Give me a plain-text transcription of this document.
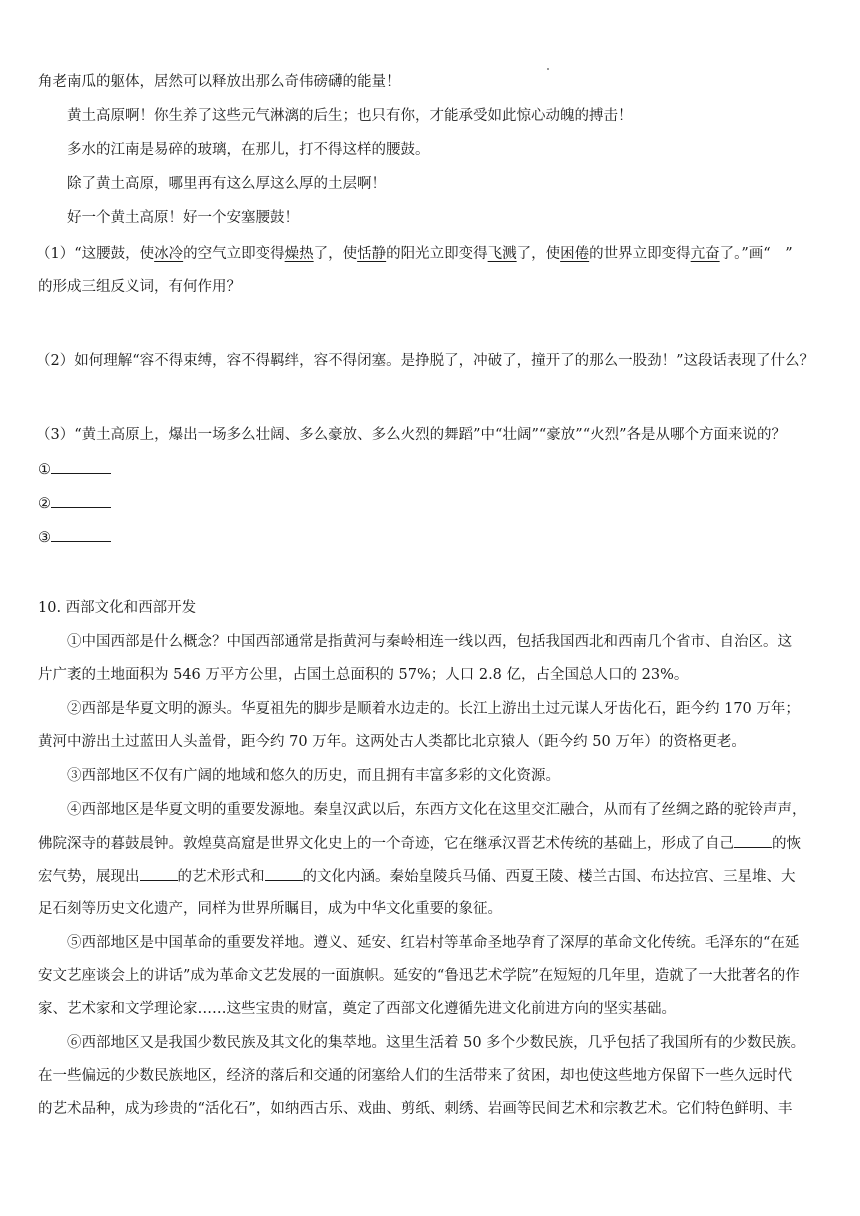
角老南瓜的躯体，居然可以释放出那么奇伟磅礴的能量！
黄土高原啊！你生养了这些元气淋漓的后生；也只有你，才能承受如此惊心动魄的搏击！
多水的江南是易碎的玻璃，在那儿，打不得这样的腰鼓。
除了黄土高原，哪里再有这么厚这么厚的土层啊！
好一个黄土高原！好一个安塞腰鼓！
（1）“这腰鼓，使冰冷的空气立即变得燥热了，使恬静的阳光立即变得飞溅了，使困倦的世界立即变得亢奋了。”画“　”
的形成三组反义词，有何作用？
（2）如何理解“容不得束缚，容不得羁绊，容不得闭塞。是挣脱了，冲破了，撞开了的那么一股劲！”这段话表现了什么？
（3）“黄土高原上，爆出一场多么壮阔、多么豪放、多么火烈的舞蹈”中“壮阔”“豪放”“火烈”各是从哪个方面来说的？
①
②
③
10. 西部文化和西部开发
①中国西部是什么概念？中国西部通常是指黄河与秦岭相连一线以西，包括我国西北和西南几个省市、自治区。这
片广袤的土地面积为 546 万平方公里，占国土总面积的 57%；人口 2.8 亿，占全国总人口的 23%。
②西部是华夏文明的源头。华夏祖先的脚步是顺着水边走的。长江上游出土过元谋人牙齿化石，距今约 170 万年；
黄河中游出土过蓝田人头盖骨，距今约 70 万年。这两处古人类都比北京猿人（距今约 50 万年）的资格更老。
③西部地区不仅有广阔的地域和悠久的历史，而且拥有丰富多彩的文化资源。
④西部地区是华夏文明的重要发源地。秦皇汉武以后，东西方文化在这里交汇融合，从而有了丝绸之路的驼铃声声，
佛院深寺的暮鼓晨钟。敦煌莫高窟是世界文化史上的一个奇迹，它在继承汉晋艺术传统的基础上，形成了自己	的恢
宏气势，展现出	的艺术形式和	的文化内涵。秦始皇陵兵马俑、西夏王陵、楼兰古国、布达拉宫、三星堆、大
足石刻等历史文化遗产，同样为世界所瞩目，成为中华文化重要的象征。
⑤西部地区是中国革命的重要发祥地。遵义、延安、红岩村等革命圣地孕育了深厚的革命文化传统。毛泽东的“在延
安文艺座谈会上的讲话”成为革命文艺发展的一面旗帜。延安的“鲁迅艺术学院”在短短的几年里，造就了一大批著名的作
家、艺术家和文学理论家……这些宝贵的财富，奠定了西部文化遵循先进文化前进方向的坚实基础。
⑥西部地区又是我国少数民族及其文化的集萃地。这里生活着 50 多个少数民族，几乎包括了我国所有的少数民族。
在一些偏远的少数民族地区，经济的落后和交通的闭塞给人们的生活带来了贫困，却也使这些地方保留下一些久远时代
的艺术品种，成为珍贵的“活化石”，如纳西古乐、戏曲、剪纸、刺绣、岩画等民间艺术和宗教艺术。它们特色鲜明、丰
